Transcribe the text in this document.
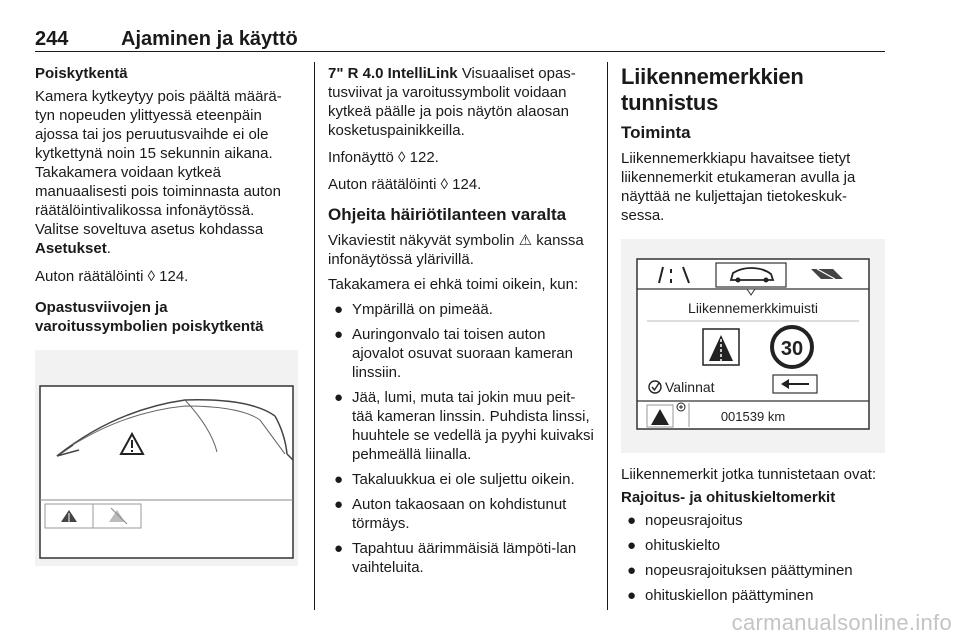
244	Ajaminen ja käyttö
Poiskytkentä

Kamera kytkeytyy pois päältä määrä-tyn nopeuden ylittyessä eteenpäin ajossa tai jos peruutusvaihde ei ole kytkettynä noin 15 sekunnin aikana.

Takakamera voidaan kytkeä manuaalisesti pois toiminnasta auton räätälöintivalikossa infonäytössä. Valitse soveltuva asetus kohdassa Asetukset.

Auton räätälöinti ◊ 124.

Opastusviivojen ja varoitussymbolien poiskytkentä

7" R 4.0 IntelliLink Visuaaliset opas-tusviivat ja varoitussymbolit voidaan kytkeä päälle ja pois näytön alaosan kosketuspainikkeilla.

Infonäyttö ◊ 122.

Auton räätälöinti ◊ 124.

Ohjeita häiriötilanteen varalta

Vikaviestit näkyvät symbolin ⚠ kanssa infonäytössä ylärivillä.

Takakamera ei ehkä toimi oikein, kun:

● Ympärillä on pimeää.
● Auringonvalo tai toisen auton ajovalot osuvat suoraan kameran linssiin.
● Jää, lumi, muta tai jokin muu peit-tää kameran linssin. Puhdista linssi, huuhtele se vedellä ja pyyhi kuivaksi pehmeällä liinalla.
● Takaluukkua ei ole suljettu oikein.
● Auton takaosaan on kohdistunut törmäys.
● Tapahtuu äärimmäisiä lämpöti-lan vaihteluita.
Liikennemerkkien tunnistus
Toiminta

Liikennemerkkiapu havaitsee tietyt liikennemerkit etukameran avulla ja näyttää ne kuljettajan tietokeskuk-sessa.

Liikennemerkkimuisti
30
Valinnat
001539 km

Liikennemerkit jotka tunnistetaan ovat:

Rajoitus- ja ohituskieltomerkit
● nopeusrajoitus
● ohituskielto
● nopeusrajoituksen päättyminen
● ohituskiellon päättyminen
carmanualsonline.info
